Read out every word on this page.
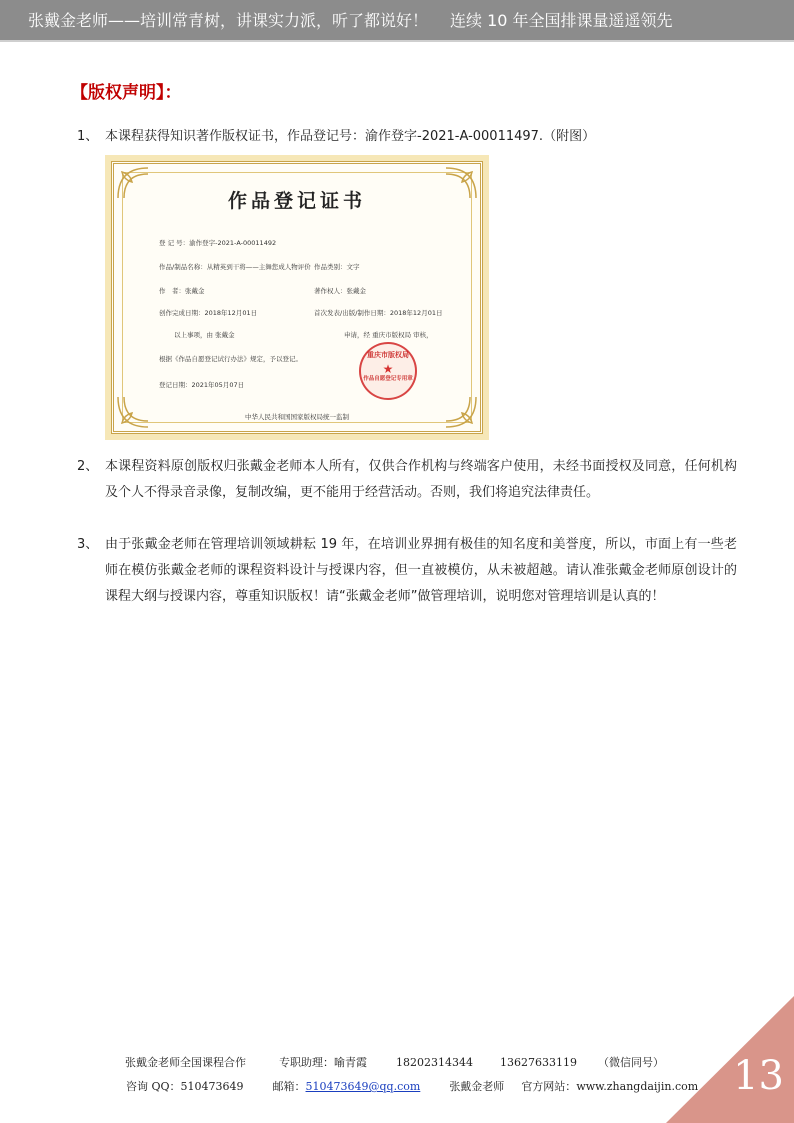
张戴金老师——培训常青树，讲课实力派，听了都说好！ 连续 10 年全国排课量遥遥领先
【版权声明】：
1、 本课程获得知识著作版权证书，作品登记号：渝作登字-2021-A-00011497.（附图）
作品登记证书
登 记 号：渝作登字-2021-A-00011492
作品/制品名称：从精英到干将——主舞您成人物评价 作品类别：文字
作　者：张戴金	著作权人：张戴金
创作完成日期：2018年12月01日	首次发表/出版/制作日期：2018年12月01日
以上事项，由 张戴金	申请，经 重庆市版权局 审核，
根据《作品自愿登记试行办法》规定，予以登记。
登记日期：2021年05月07日
中华人民共和国国家版权局统一监制
重庆市版权局
★
作品自愿登记专用章
2、 本课程资料原创版权归张戴金老师本人所有，仅供合作机构与终端客户使用，未经书面授权及同意，任何机构及个人不得录音录像，复制改编，更不能用于经营活动。否则，我们将追究法律责任。
3、 由于张戴金老师在管理培训领域耕耘 19 年，在培训业界拥有极佳的知名度和美誉度，所以，市面上有一些老师在模仿张戴金老师的课程资料设计与授课内容，但一直被模仿，从未被超越。请认准张戴金老师原创设计的课程大纲与授课内容，尊重知识版权！请“张戴金老师”做管理培训，说明您对管理培训是认真的！
张戴金老师全国课程合作	专职助理：喻青霞	18202314344 13627633119 （微信同号）
咨询 QQ：510473649	邮箱：510473649@qq.com	张戴金老师 官方网站：www.zhangdaijin.com 13
